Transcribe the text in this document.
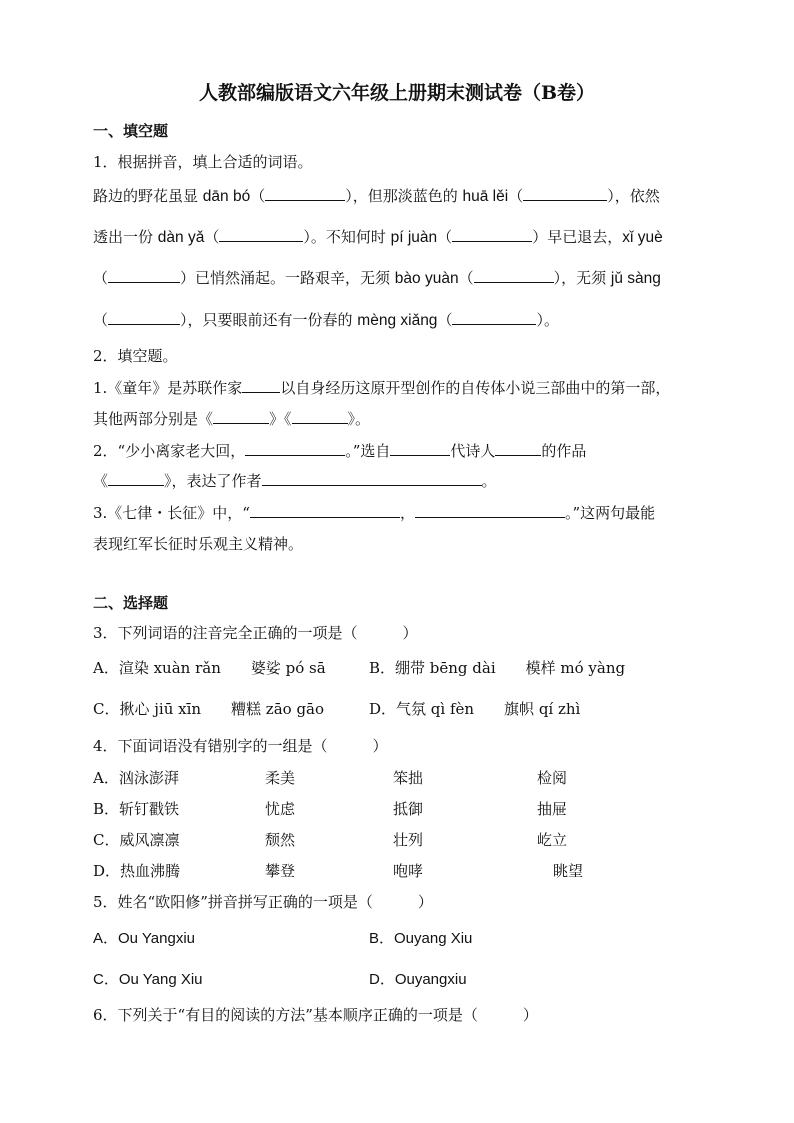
人教部编版语文六年级上册期末测试卷（B卷）
一、填空题
1．根据拼音，填上合适的词语。
路边的野花虽显 dān bó（	），但那淡蓝色的 huā lěi（	），依然
透出一份 dàn yǎ（	）。不知何时 pí juàn（	）早已退去，xǐ yuè
（	）已悄然涌起。一路艰辛，无须 bào yuàn（	），无须 jǔ sàng
（	），只要眼前还有一份春的 mèng xiǎng（	）。
2．填空题。
1.《童年》是苏联作家	以自身经历这原开型创作的自传体小说三部曲中的第一部，
其他两部分别是《	》《	》。
2．“少小离家老大回，	。”选自	代诗人	的作品
《	》，表达了作者	。
3.《七律・长征》中，“	，	。”这两句最能
表现红军长征时乐观主义精神。
二、选择题
3．下列词语的注音完全正确的一项是（　　　）
A．渲染 xuàn rǎn　　婆娑 pó sā	B．绷带 bēng dài　　模样 mó yàng
C．揪心 jiū xīn　　糟糕 zāo gāo	D．气氛 qì fèn　　旗帜 qí zhì
4．下面词语没有错别字的一组是（　　　）
A．汹泳澎湃	柔美	笨拙	检阅
B．斩钉戳铁	忧虑	抵御	抽屉
C．威风凛凛	颓然	壮列	屹立
D．热血沸腾	攀登	咆哮	眺望
5．姓名“欧阳修”拼音拼写正确的一项是（　　　）
A．Ou Yangxiu	B．Ouyang Xiu
C．Ou Yang Xiu	D．Ouyangxiu
6．下列关于“有目的阅读的方法”基本顺序正确的一项是（　　　）
